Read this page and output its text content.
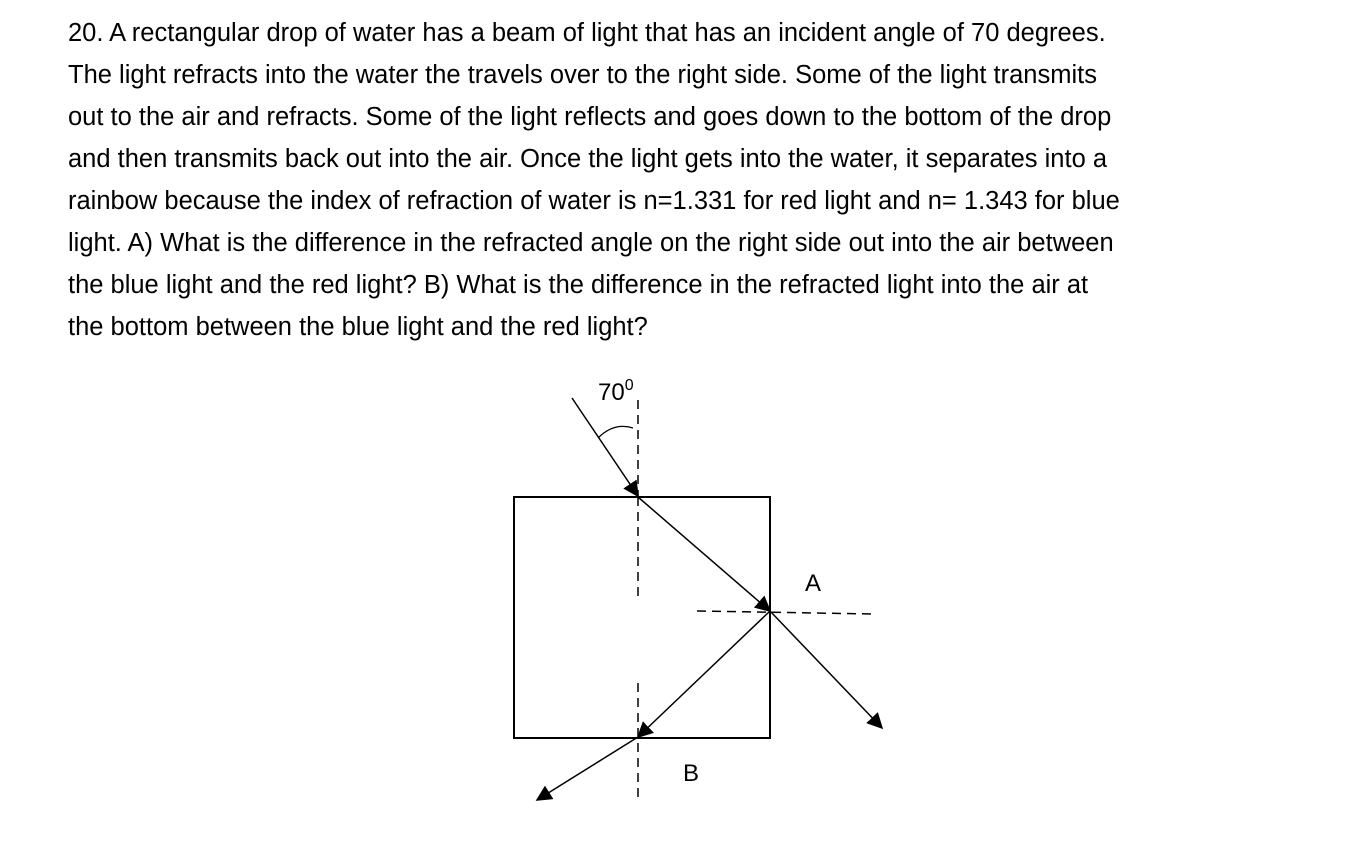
20. A rectangular drop of water has a beam of light that has an incident angle of 70 degrees.
The light refracts into the water the travels over to the right side. Some of the light transmits
out to the air and refracts. Some of the light reflects and goes down to the bottom of the drop
and then transmits back out into the air. Once the light gets into the water, it separates into a
rainbow because the index of refraction of water is n=1.331 for red light and n= 1.343 for blue
light. A) What is the difference in the refracted angle on the right side out into the air between
the blue light and the red light? B) What is the difference in the refracted light into the air at
the bottom between the blue light and the red light?
$70^0$
A
B
